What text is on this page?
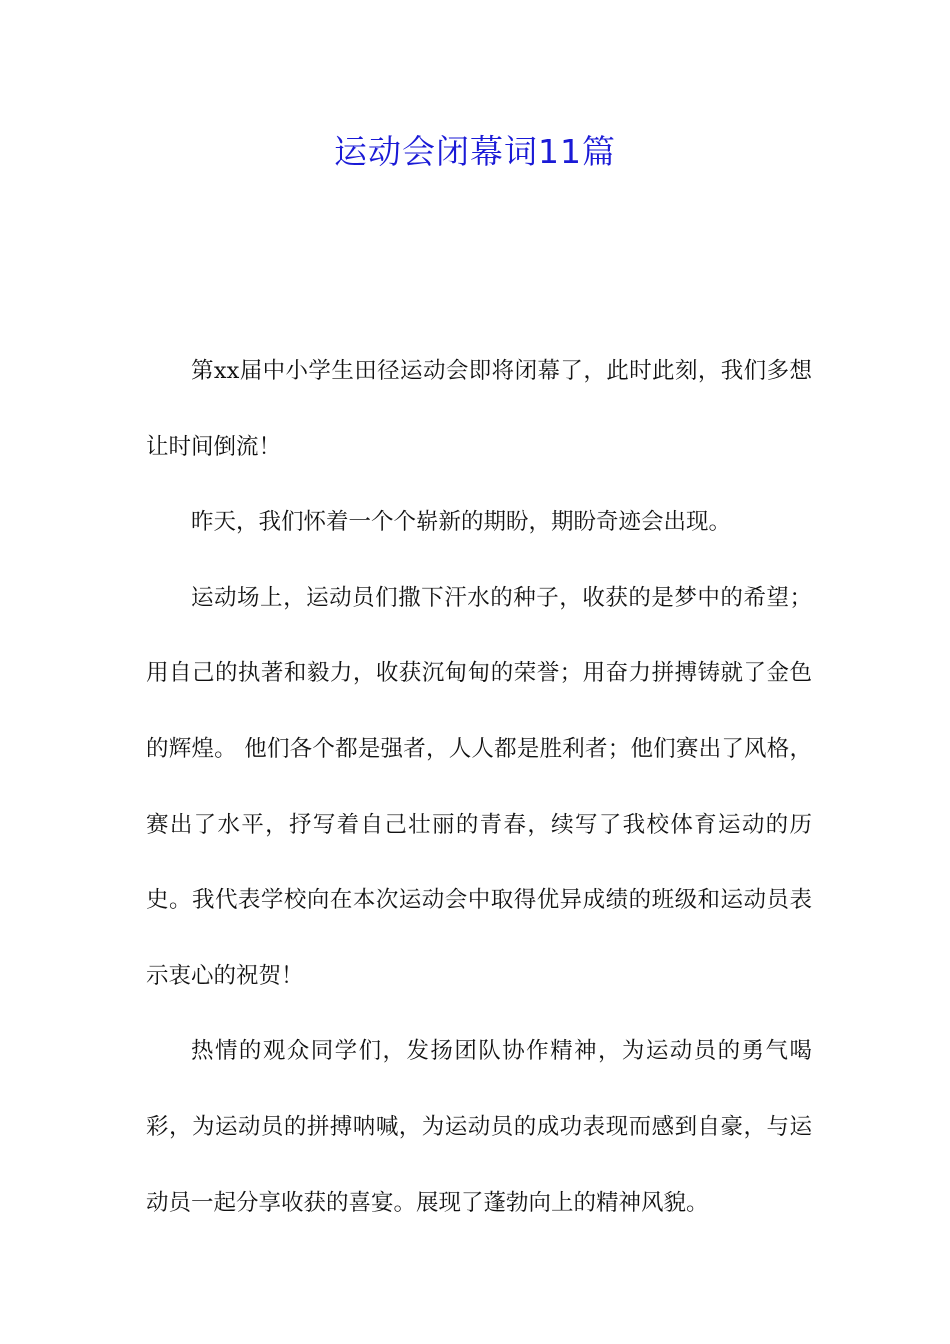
运动会闭幕词11篇

第xx届中小学生田径运动会即将闭幕了，此时此刻，我们多想让时间倒流！

昨天，我们怀着一个个崭新的期盼，期盼奇迹会出现。

运动场上，运动员们撒下汗水的种子，收获的是梦中的希望；用自己的执著和毅力，收获沉甸甸的荣誉；用奋力拼搏铸就了金色的辉煌。 他们各个都是强者，人人都是胜利者；他们赛出了风格，赛出了水平，抒写着自己壮丽的青春，续写了我校体育运动的历史。我代表学校向在本次运动会中取得优异成绩的班级和运动员表示衷心的祝贺！

热情的观众同学们，发扬团队协作精神，为运动员的勇气喝彩，为运动员的拼搏呐喊，为运动员的成功表现而感到自豪，与运动员一起分享收获的喜宴。展现了蓬勃向上的精神风貌。
